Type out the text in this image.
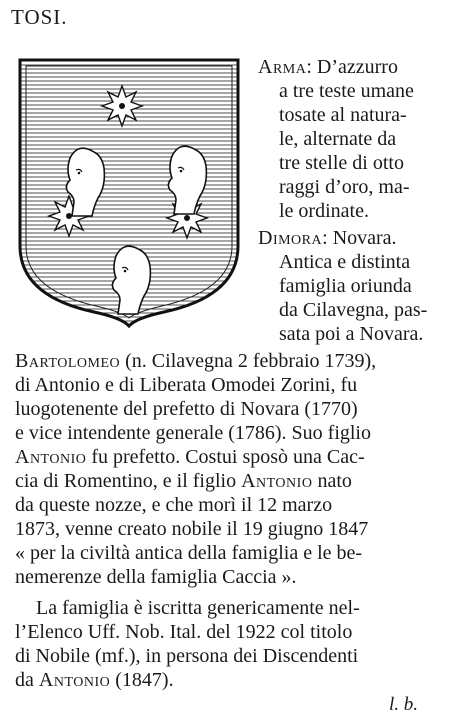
TOSI.
Arma: D’azzurro
a tre teste umane
tosate al natura-
le, alternate da
tre stelle di otto
raggi d’oro, ma-
le ordinate.
Dimora: Novara.
Antica e distinta
famiglia oriunda
da Cilavegna, pas-
sata poi a Novara.
Bartolomeo (n. Cilavegna 2 febbraio 1739),
di Antonio e di Liberata Omodei Zorini, fu
luogotenente del prefetto di Novara (1770)
e vice intendente generale (1786). Suo figlio
Antonio fu prefetto. Costui sposò una Cac-
cia di Romentino, e il figlio Antonio nato
da queste nozze, e che morì il 12 marzo
1873, venne creato nobile il 19 giugno 1847
« per la civiltà antica della famiglia e le be-
nemerenze della famiglia Caccia ».
La famiglia è iscritta genericamente nel-
l’Elenco Uff. Nob. Ital. del 1922 col titolo
di Nobile (mf.), in persona dei Discendenti
da Antonio (1847).
l. b.
